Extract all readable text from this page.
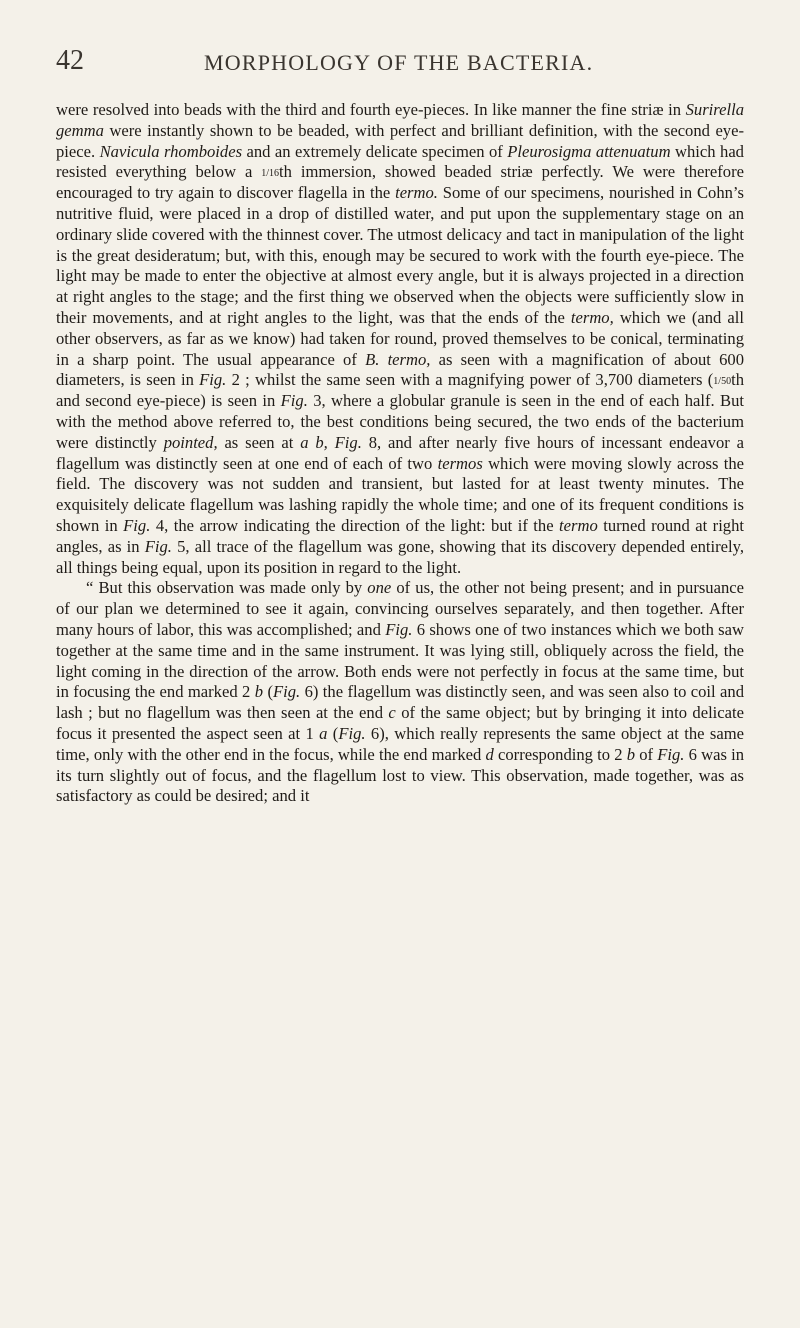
42	MORPHOLOGY OF THE BACTERIA.

were resolved into beads with the third and fourth eye-pieces. In like manner the fine striæ in Surirella gemma were instantly shown to be beaded, with perfect and brilliant definition, with the second eye-piece. Navicula rhomboides and an extremely delicate specimen of Pleurosigma attenuatum which had resisted everything below a 1/16th immersion, showed beaded striæ perfectly. We were therefore encouraged to try again to discover flagella in the termo. Some of our specimens, nourished in Cohn’s nutritive fluid, were placed in a drop of distilled water, and put upon the supplementary stage on an ordinary slide covered with the thinnest cover. The utmost delicacy and tact in manipulation of the light is the great desideratum; but, with this, enough may be secured to work with the fourth eye-piece. The light may be made to enter the objective at almost every angle, but it is always projected in a direction at right angles to the stage; and the first thing we observed when the objects were sufficiently slow in their movements, and at right angles to the light, was that the ends of the termo, which we (and all other observers, as far as we know) had taken for round, proved themselves to be conical, terminating in a sharp point. The usual appearance of B. termo, as seen with a magnification of about 600 diameters, is seen in Fig. 2 ; whilst the same seen with a magnifying power of 3,700 diameters (1/50th and second eye-piece) is seen in Fig. 3, where a globular granule is seen in the end of each half. But with the method above referred to, the best conditions being secured, the two ends of the bacterium were distinctly pointed, as seen at a b, Fig. 8, and after nearly five hours of incessant endeavor a flagellum was distinctly seen at one end of each of two termos which were moving slowly across the field. The discovery was not sudden and transient, but lasted for at least twenty minutes. The exquisitely delicate flagellum was lashing rapidly the whole time; and one of its frequent conditions is shown in Fig. 4, the arrow indicating the direction of the light: but if the termo turned round at right angles, as in Fig. 5, all trace of the flagellum was gone, showing that its discovery depended entirely, all things being equal, upon its position in regard to the light.

“ But this observation was made only by one of us, the other not being present; and in pursuance of our plan we determined to see it again, convincing ourselves separately, and then together. After many hours of labor, this was accomplished; and Fig. 6 shows one of two instances which we both saw together at the same time and in the same instrument. It was lying still, obliquely across the field, the light coming in the direction of the arrow. Both ends were not perfectly in focus at the same time, but in focusing the end marked 2 b (Fig. 6) the flagellum was distinctly seen, and was seen also to coil and lash ; but no flagellum was then seen at the end c of the same object; but by bringing it into delicate focus it presented the aspect seen at 1 a (Fig. 6), which really represents the same object at the same time, only with the other end in the focus, while the end marked d corresponding to 2 b of Fig. 6 was in its turn slightly out of focus, and the flagellum lost to view. This observation, made together, was as satisfactory as could be desired; and it
